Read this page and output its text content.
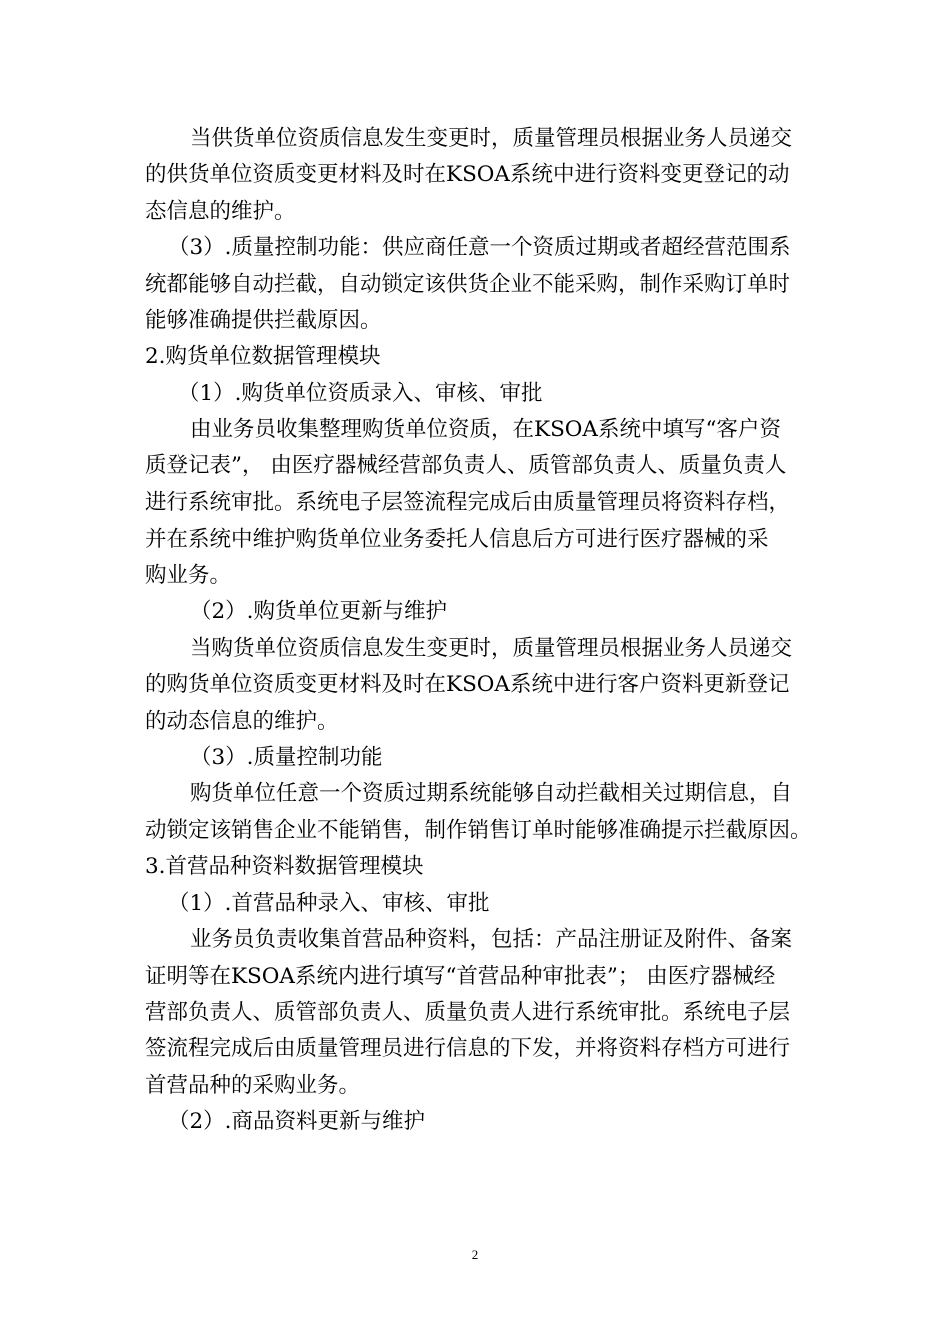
当供货单位资质信息发生变更时，质量管理员根据业务人员递交
的供货单位资质变更材料及时在KSOA系统中进行资料变更登记的动
态信息的维护。
（3）.质量控制功能：供应商任意一个资质过期或者超经营范围系
统都能够自动拦截，自动锁定该供货企业不能采购，制作采购订单时
能够准确提供拦截原因。
2.购货单位数据管理模块
（1）.购货单位资质录入、审核、审批
由业务员收集整理购货单位资质，在KSOA系统中填写“客户资
质登记表”， 由医疗器械经营部负责人、质管部负责人、质量负责人
进行系统审批。系统电子层签流程完成后由质量管理员将资料存档，
并在系统中维护购货单位业务委托人信息后方可进行医疗器械的采
购业务。
（2）.购货单位更新与维护
当购货单位资质信息发生变更时，质量管理员根据业务人员递交
的购货单位资质变更材料及时在KSOA系统中进行客户资料更新登记
的动态信息的维护。
（3）.质量控制功能
购货单位任意一个资质过期系统能够自动拦截相关过期信息，自
动锁定该销售企业不能销售，制作销售订单时能够准确提示拦截原因。
3.首营品种资料数据管理模块
（1）.首营品种录入、审核、审批
业务员负责收集首营品种资料，包括：产品注册证及附件、备案
证明等在KSOA系统内进行填写“首营品种审批表”； 由医疗器械经
营部负责人、质管部负责人、质量负责人进行系统审批。系统电子层
签流程完成后由质量管理员进行信息的下发，并将资料存档方可进行
首营品种的采购业务。
（2）.商品资料更新与维护
2
